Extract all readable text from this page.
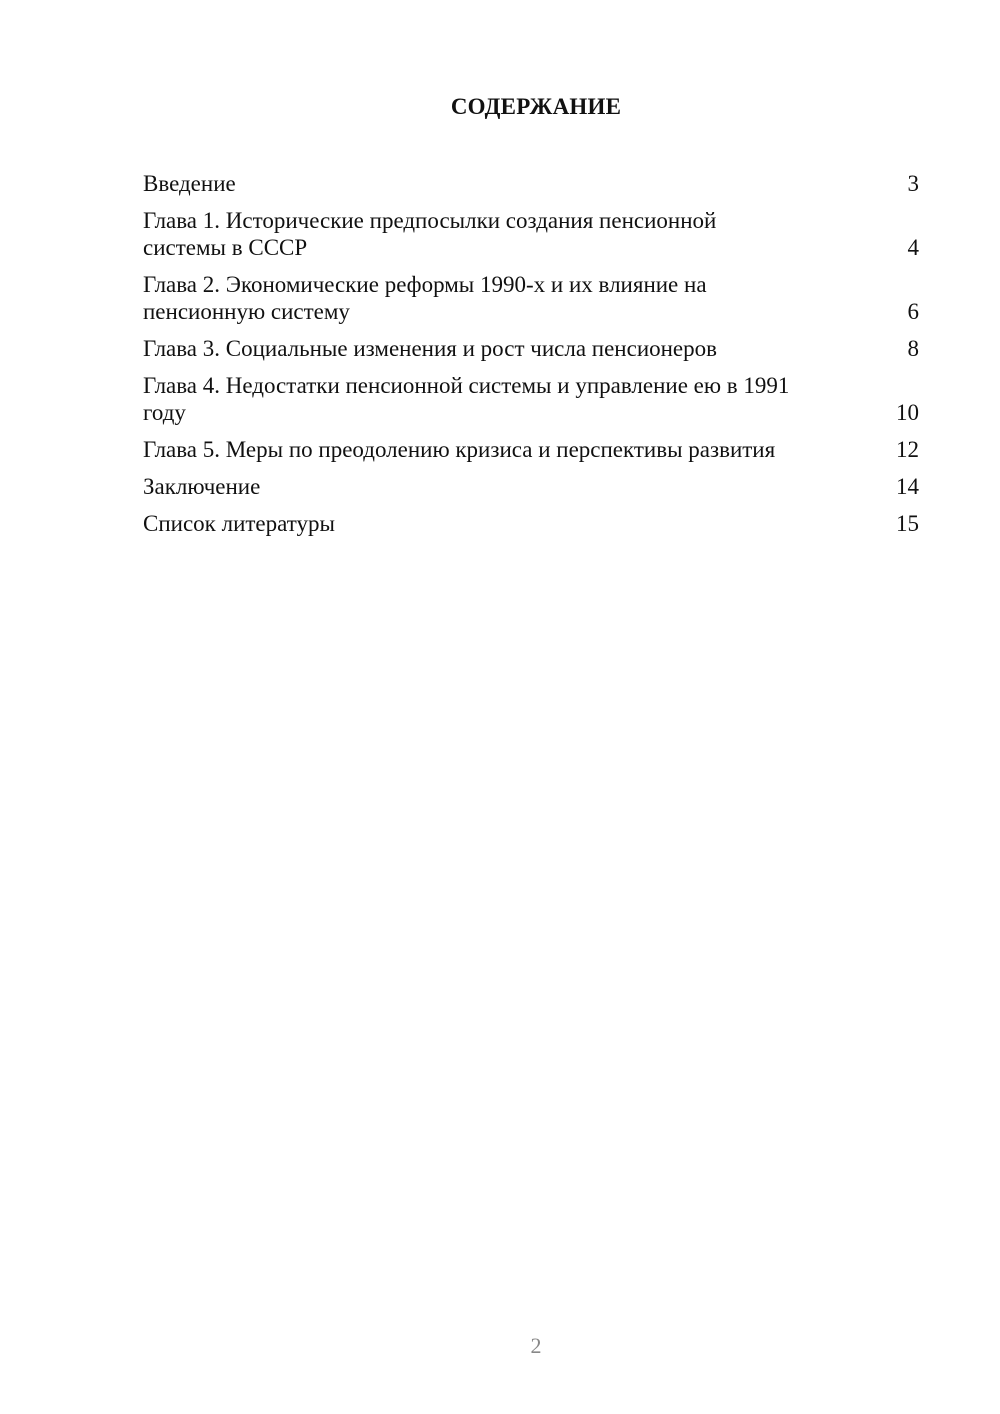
СОДЕРЖАНИЕ
Введение	3
Глава 1. Исторические предпосылки создания пенсионной системы в СССР	4
Глава 2. Экономические реформы 1990-х и их влияние на пенсионную систему	6
Глава 3. Социальные изменения и рост числа пенсионеров	8
Глава 4. Недостатки пенсионной системы и управление ею в 1991 году	10
Глава 5. Меры по преодолению кризиса и перспективы развития	12
Заключение	14
Список литературы	15
2
